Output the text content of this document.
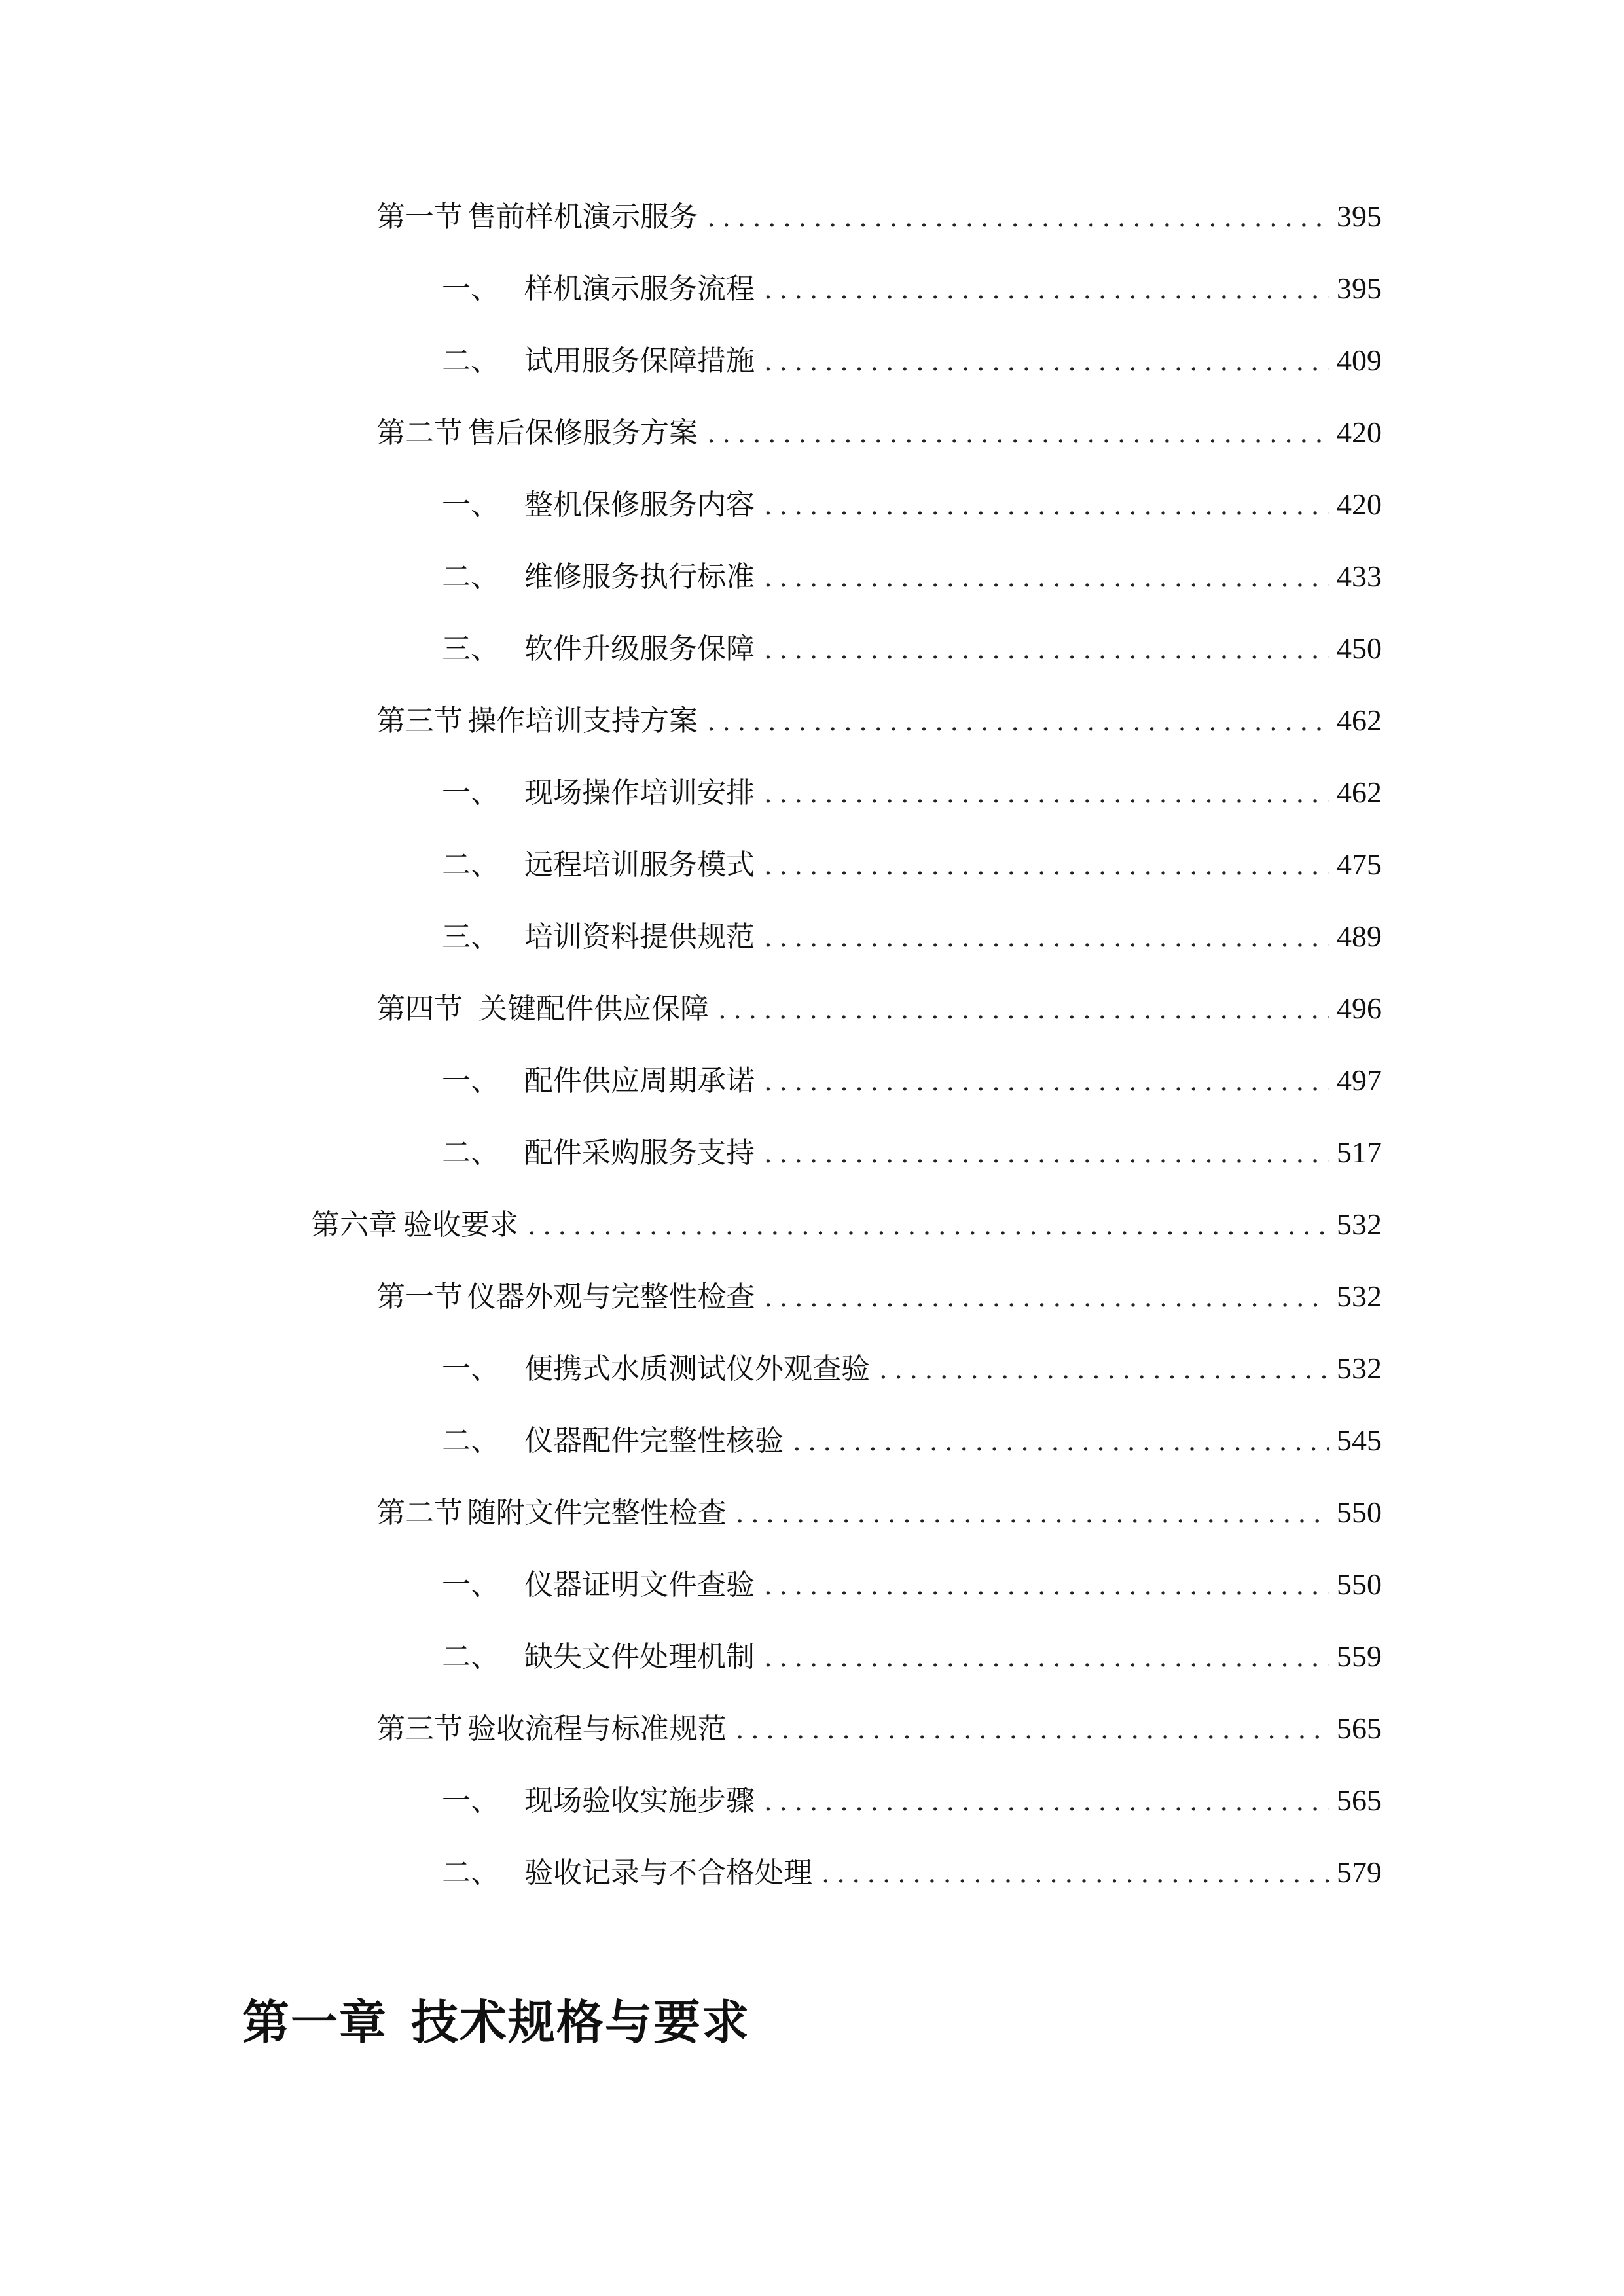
第一节 售前样机演示服务 .....	395
一、 样机演示服务流程 .....	395
二、 试用服务保障措施 .....	409
第二节 售后保修服务方案 .....	420
一、 整机保修服务内容 .....	420
二、 维修服务执行标准 .....	433
三、 软件升级服务保障 .....	450
第三节 操作培训支持方案 .....	462
一、 现场操作培训安排 .....	462
二、 远程培训服务模式 .....	475
三、 培训资料提供规范 .....	489
第四节 关键配件供应保障 .....	496
一、 配件供应周期承诺 .....	497
二、 配件采购服务支持 .....	517
第六章 验收要求 .....	532
第一节 仪器外观与完整性检查 .....	532
一、 便携式水质测试仪外观查验 .....	532
二、 仪器配件完整性核验 .....	545
第二节 随附文件完整性检查 .....	550
一、 仪器证明文件查验 .....	550
二、 缺失文件处理机制 .....	559
第三节 验收流程与标准规范 .....	565
一、 现场验收实施步骤 .....	565
二、 验收记录与不合格处理 .....	579
第一章 技术规格与要求
